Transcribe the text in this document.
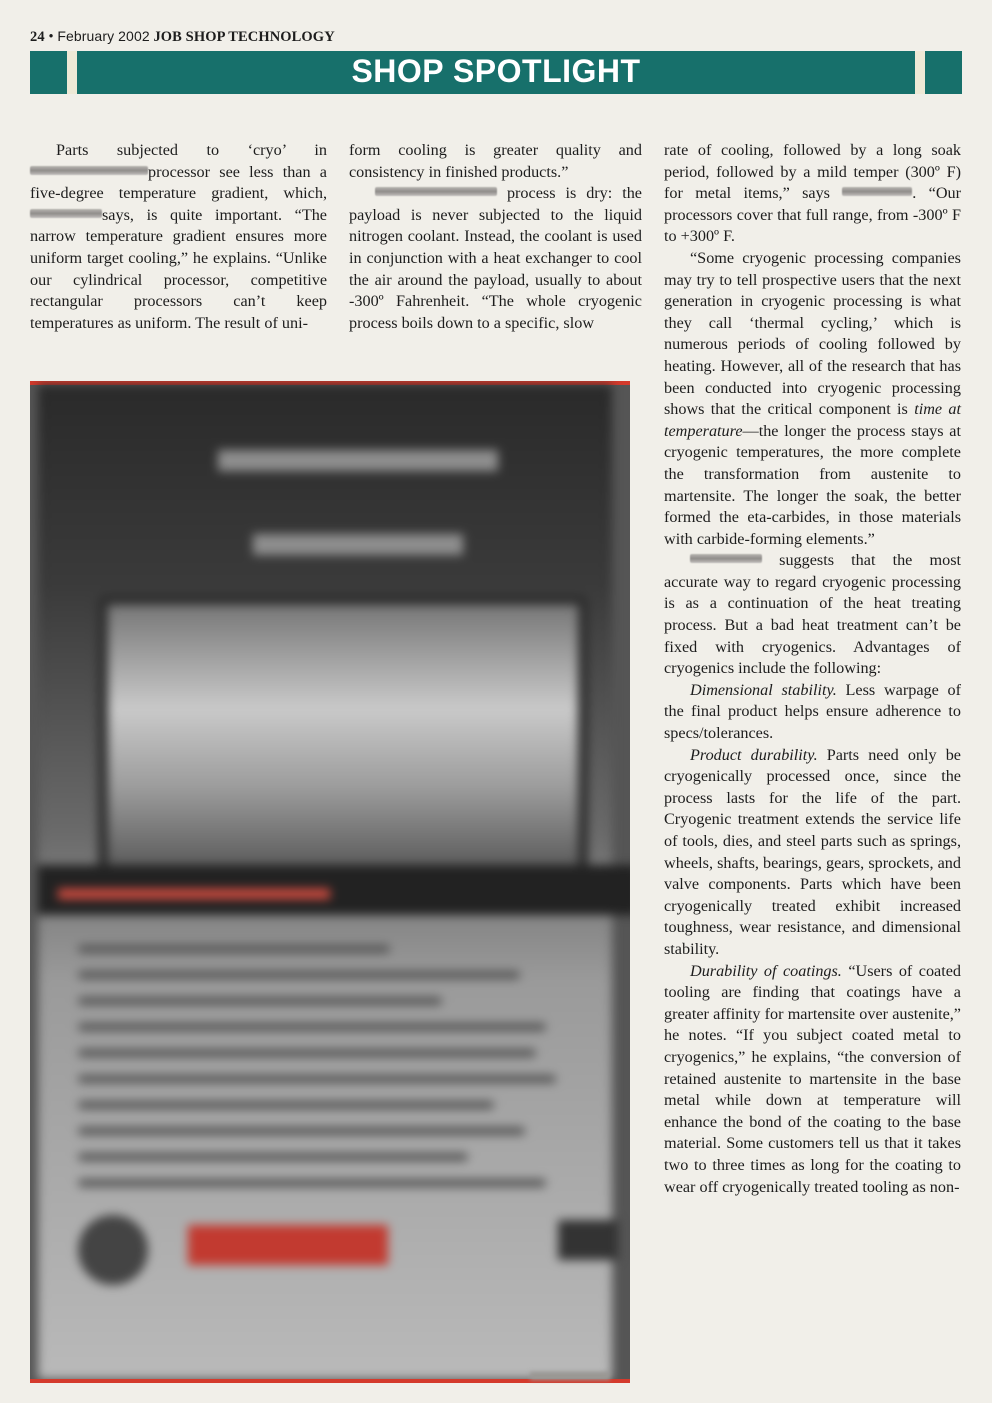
24 • February 2002 JOB SHOP TECHNOLOGY
SHOP SPOTLIGHT

Parts subjected to ‘cryo’ in processor see less than a five-degree temperature gradient, which, says, is quite important. “The narrow temperature gradient ensures more uniform target cooling,” he explains. “Unlike our cylindrical processor, competitive rectangular processors can’t keep temperatures as uniform. The result of uni-

form cooling is greater quality and consistency in finished products.”

process is dry: the payload is never subjected to the liquid nitrogen coolant. Instead, the coolant is used in conjunction with a heat exchanger to cool the air around the payload, usually to about -300º Fahrenheit. “The whole cryogenic process boils down to a specific, slow

▬▬▬▬
▬▬▬

▬▬▬▬▬▬▬▬

rate of cooling, followed by a long soak period, followed by a mild temper (300º F) for metal items,” says	. “Our processors cover that full range, from -300º F to +300º F.

“Some cryogenic processing companies may try to tell prospective users that the next generation in cryogenic processing is what they call ‘thermal cycling,’ which is numerous periods of cooling followed by heating. However, all of the research that has been conducted into cryogenic processing shows that the critical component is time at temperature—the longer the process stays at cryogenic temperatures, the more complete the transformation from austenite to martensite. The longer the soak, the better formed the eta-carbides, in those materials with carbide-forming elements.”

suggests that the most accurate way to regard cryogenic processing is as a continuation of the heat treating process. But a bad heat treatment can’t be fixed with cryogenics. Advantages of cryogenics include the following:

Dimensional stability. Less warpage of the final product helps ensure adherence to specs/tolerances.

Product durability. Parts need only be cryogenically processed once, since the process lasts for the life of the part. Cryogenic treatment extends the service life of tools, dies, and steel parts such as springs, wheels, shafts, bearings, gears, sprockets, and valve components. Parts which have been cryogenically treated exhibit increased toughness, wear resistance, and dimensional stability.

Durability of coatings. “Users of coated tooling are finding that coatings have a greater affinity for martensite over austenite,” he notes. “If you subject coated metal to cryogenics,” he explains, “the conversion of retained austenite to martensite in the base metal while down at temperature will enhance the bond of the coating to the base material. Some customers tell us that it takes two to three times as long for the coating to wear off cryogenically treated tooling as non-
